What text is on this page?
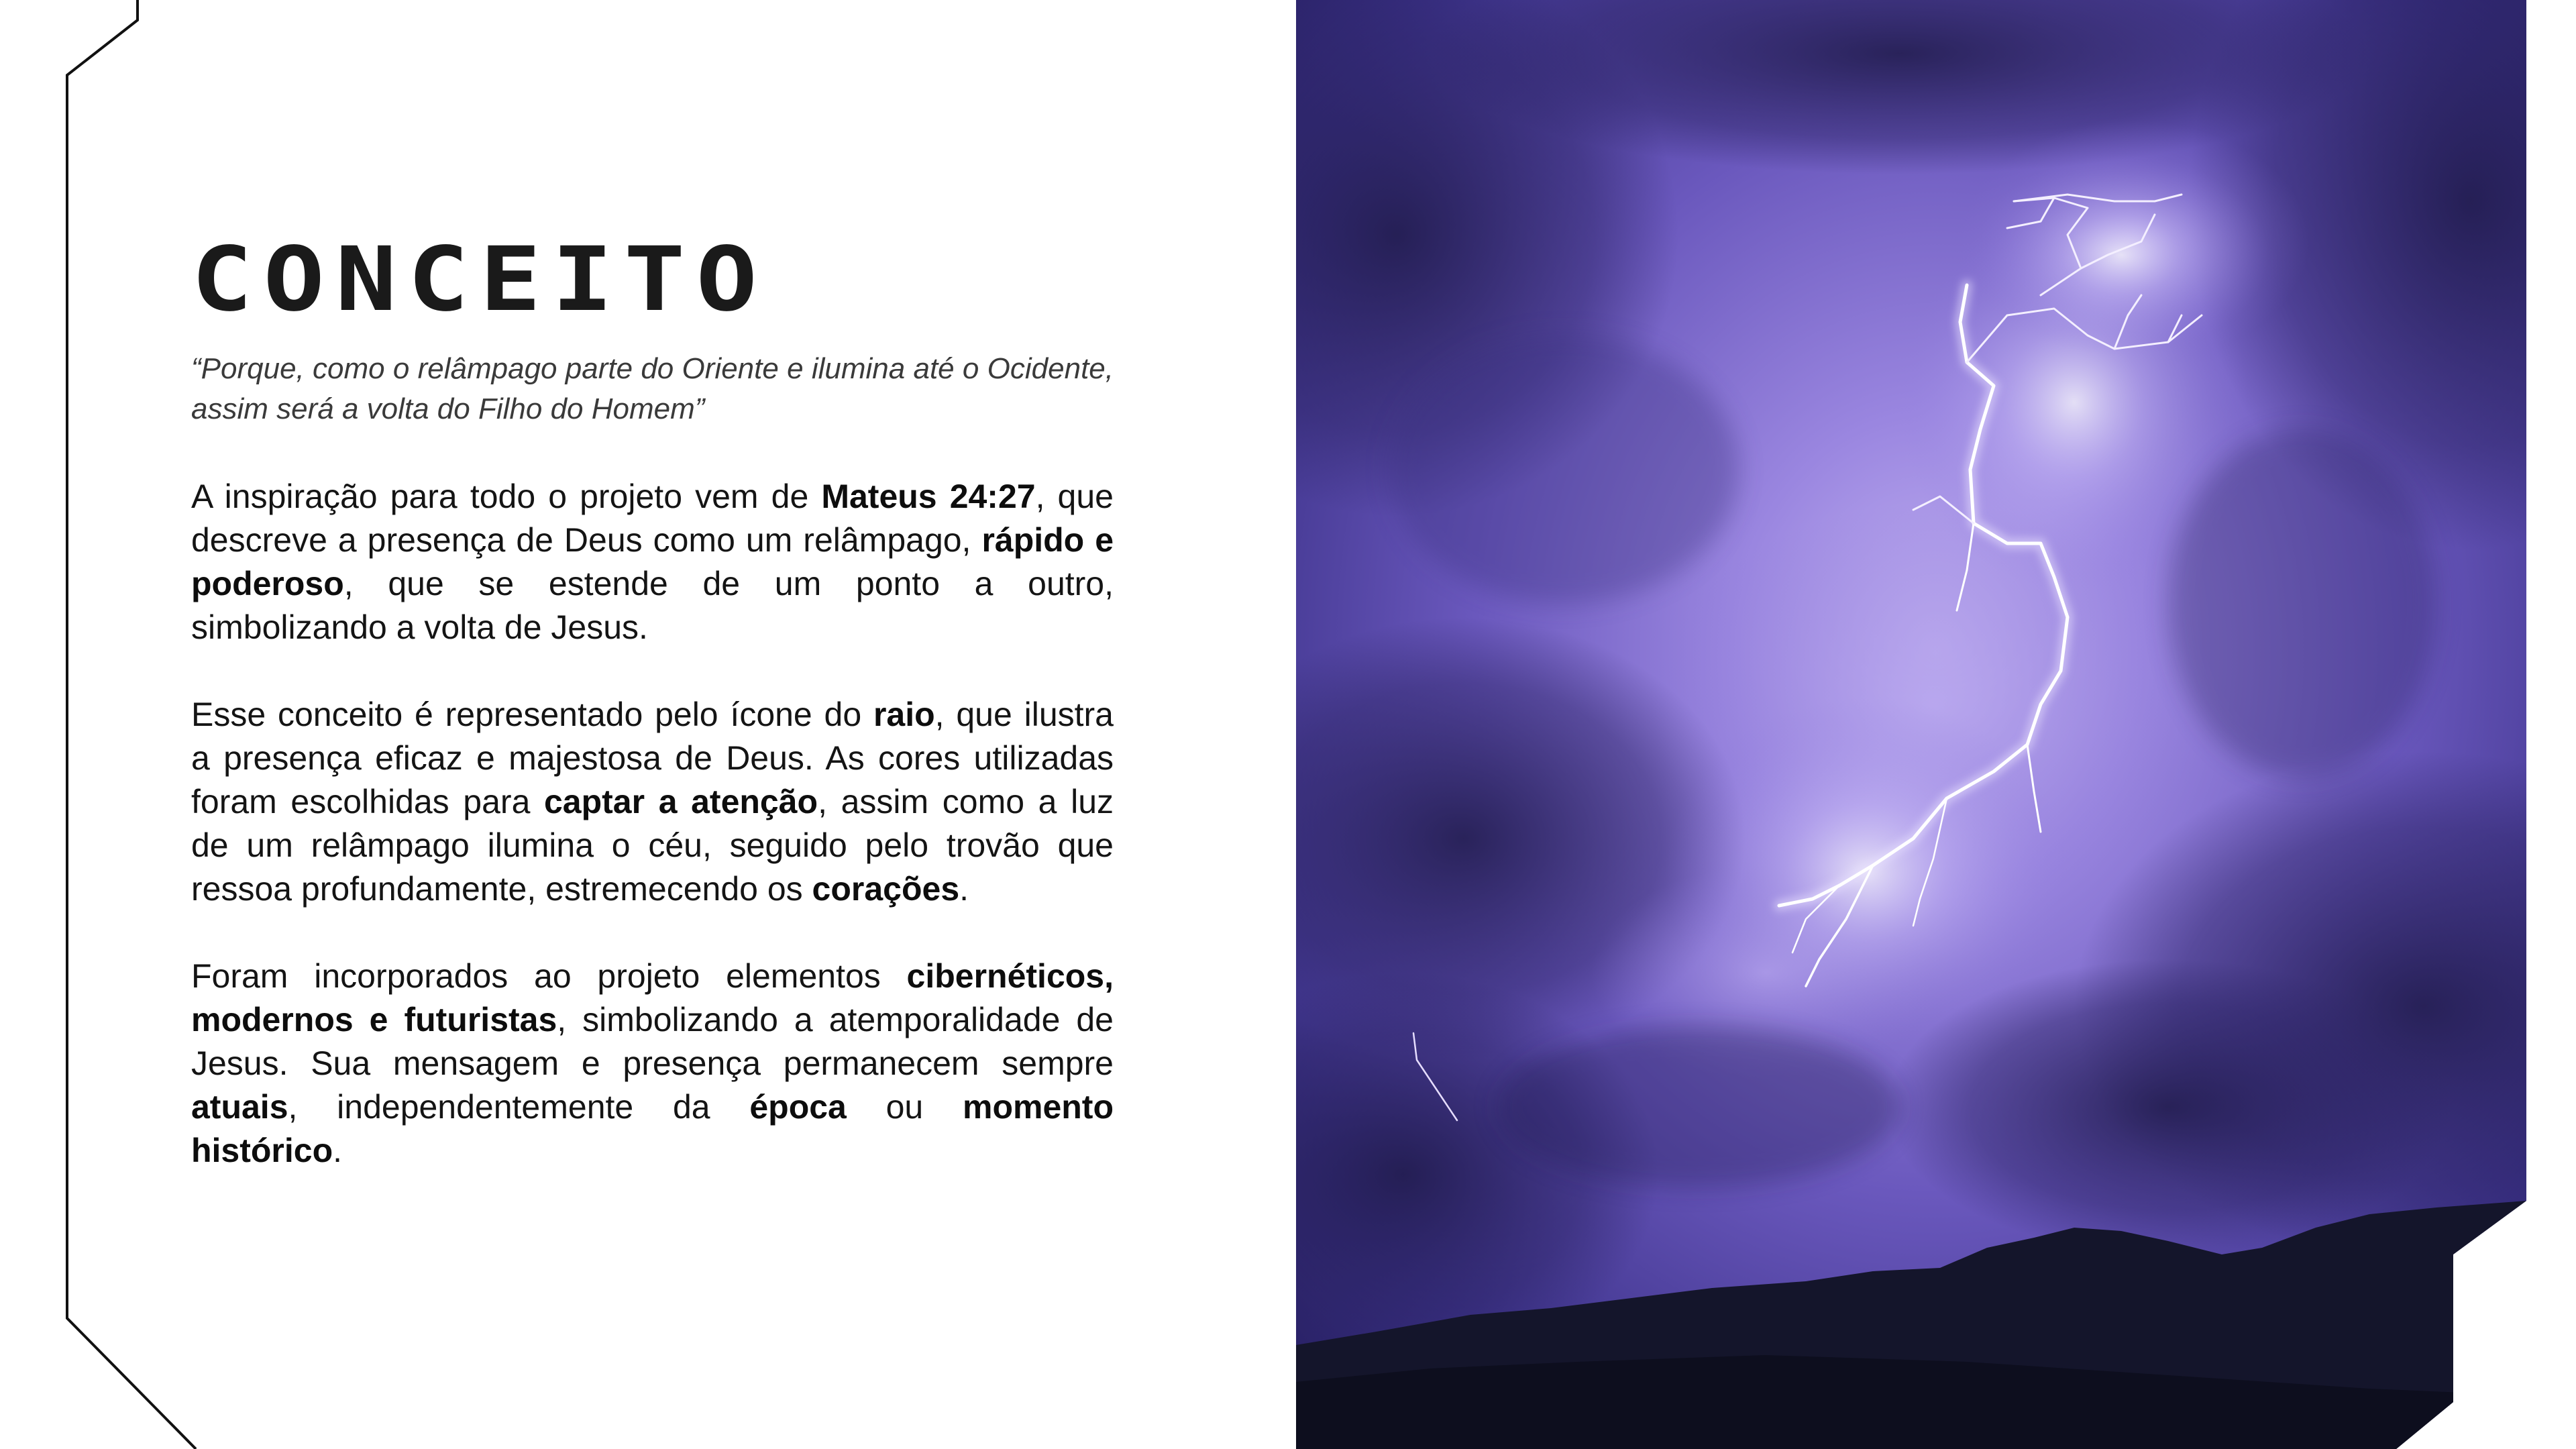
CONCEITO

“Porque, como o relâmpago parte do Oriente e ilumina até o Ocidente, assim será a volta do Filho do Homem”

A inspiração para todo o projeto vem de Mateus 24:27, que descreve a presença de Deus como um relâmpago, rápido e poderoso, que se estende de um ponto a outro, simbolizando a volta de Jesus.

Esse conceito é representado pelo ícone do raio, que ilustra a presença eficaz e majestosa de Deus. As cores utilizadas foram escolhidas para captar a atenção, assim como a luz de um relâmpago ilumina o céu, seguido pelo trovão que ressoa profundamente, estremecendo os corações.

Foram incorporados ao projeto elementos cibernéticos, modernos e futuristas, simbolizando a atemporalidade de Jesus. Sua mensagem e presença permanecem sempre atuais, independentemente da época ou momento histórico.
